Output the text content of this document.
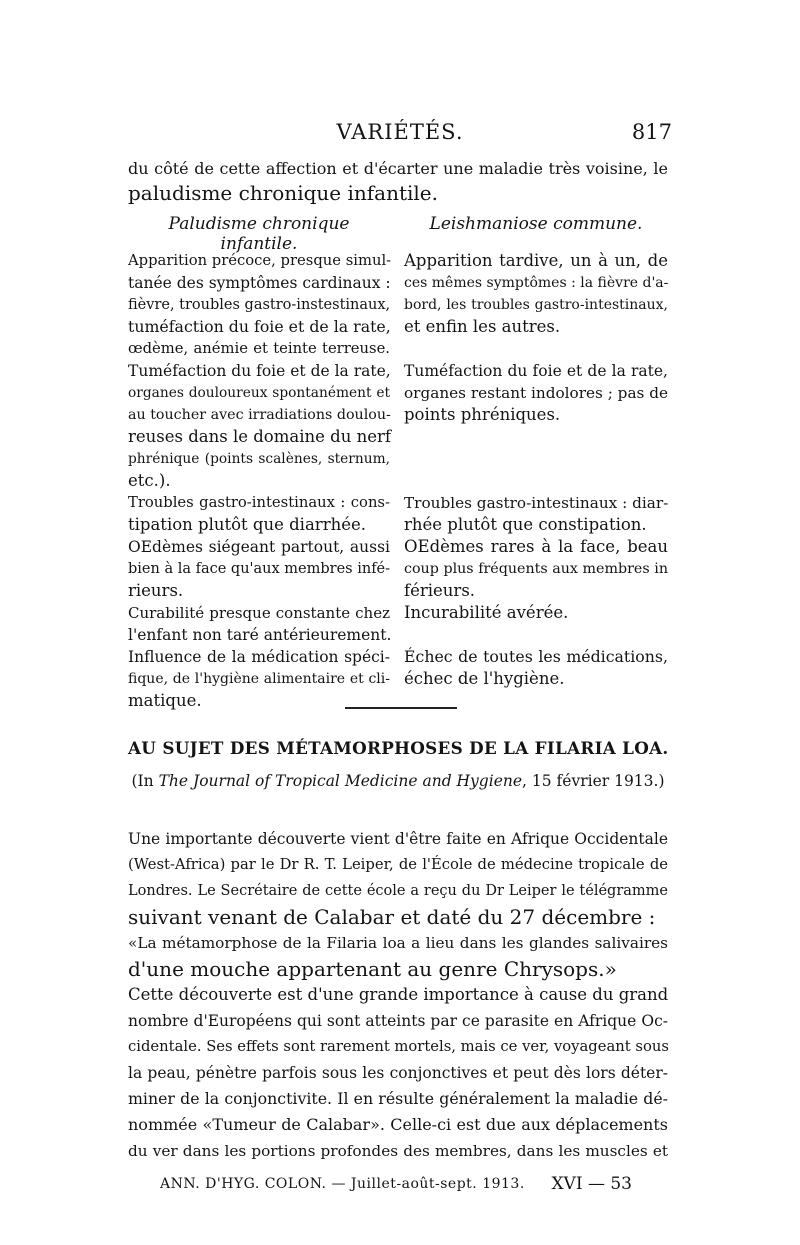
VARIÉTÉS.	817
du côté de cette affection et d'écarter une maladie très voisine, le
paludisme chronique infantile.
Paludisme chronique infantile.
Leishmaniose commune.
Apparition précoce, presque simul-
tanée des symptômes cardinaux :
fièvre, troubles gastro-instestinaux,
tuméfaction du foie et de la rate,
œdème, anémie et teinte terreuse.
Tuméfaction du foie et de la rate,
organes douloureux spontanément et
au toucher avec irradiations doulou-
reuses dans le domaine du nerf
phrénique (points scalènes, sternum,
etc.).
Troubles gastro-intestinaux : cons-
tipation plutôt que diarrhée.
OEdèmes siégeant partout, aussi
bien à la face qu'aux membres infé-
rieurs.
Curabilité presque constante chez
l'enfant non taré antérieurement.
Influence de la médication spéci-
fique, de l'hygiène alimentaire et cli-
matique.
Apparition tardive, un à un, de
ces mêmes symptômes : la fièvre d'a-
bord, les troubles gastro-intestinaux,
et enfin les autres.
Tuméfaction du foie et de la rate,
organes restant indolores ; pas de
points phréniques.
Troubles gastro-intestinaux : diar-
rhée plutôt que constipation.
OEdèmes rares à la face, beau
coup plus fréquents aux membres in
férieurs.
Incurabilité avérée.
Échec de toutes les médications,
échec de l'hygiène.
AU SUJET DES MÉTAMORPHOSES DE LA FILARIA LOA.
(In The Journal of Tropical Medicine and Hygiene, 15 février 1913.)
Une importante découverte vient d'être faite en Afrique Occidentale
(West-Africa) par le Dr R. T. Leiper, de l'École de médecine tropicale de
Londres. Le Secrétaire de cette école a reçu du Dr Leiper le télégramme
suivant venant de Calabar et daté du 27 décembre :
«La métamorphose de la Filaria loa a lieu dans les glandes salivaires
d'une mouche appartenant au genre Chrysops.»
Cette découverte est d'une grande importance à cause du grand
nombre d'Européens qui sont atteints par ce parasite en Afrique Oc-
cidentale. Ses effets sont rarement mortels, mais ce ver, voyageant sous
la peau, pénètre parfois sous les conjonctives et peut dès lors déter-
miner de la conjonctivite. Il en résulte généralement la maladie dé-
nommée «Tumeur de Calabar». Celle-ci est due aux déplacements
du ver dans les portions profondes des membres, dans les muscles et
ANN. D'HYG. COLON. — Juillet-août-sept. 1913. XVI — 53
